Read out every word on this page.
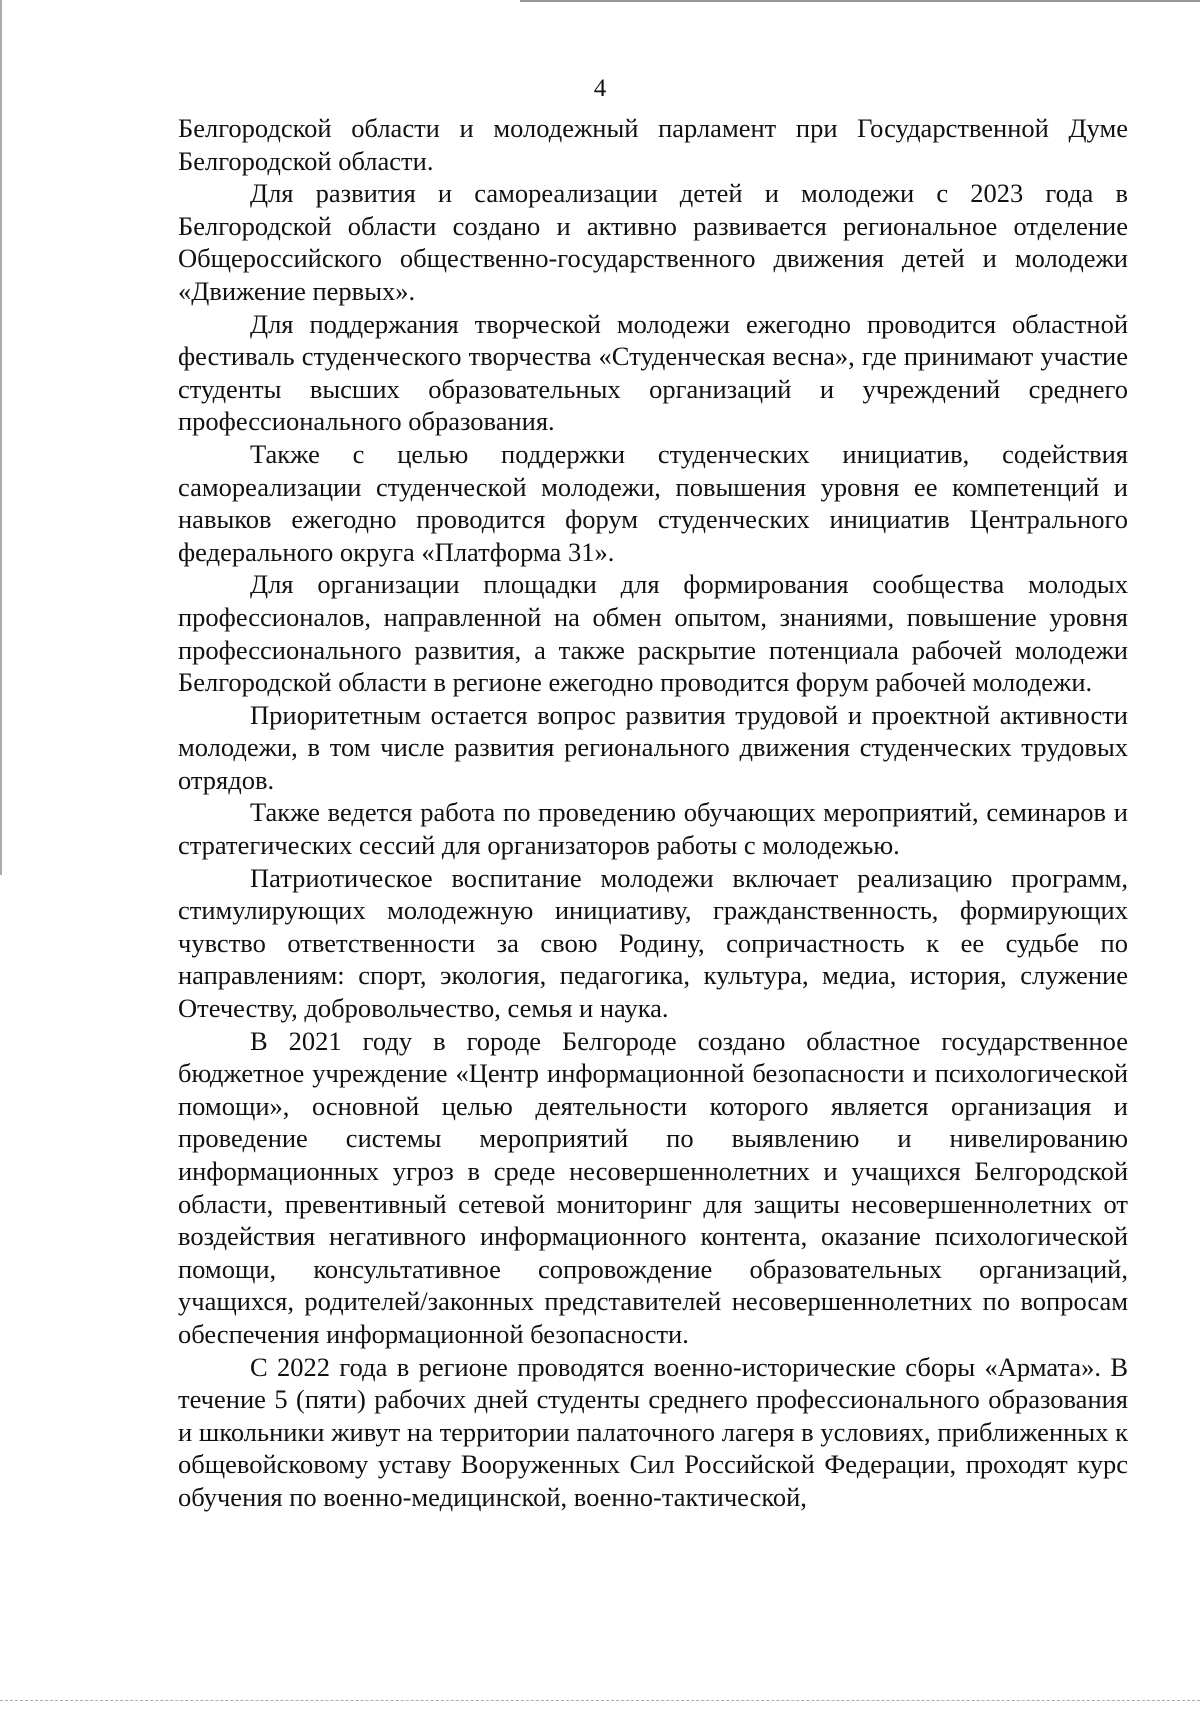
4

Белгородской области и молодежный парламент при Государственной Думе Белгородской области.

Для развития и самореализации детей и молодежи с 2023 года в Белгородской области создано и активно развивается региональное отделение Общероссийского общественно-государственного движения детей и молодежи «Движение первых».

Для поддержания творческой молодежи ежегодно проводится областной фестиваль студенческого творчества «Студенческая весна», где принимают участие студенты высших образовательных организаций и учреждений среднего профессионального образования.

Также с целью поддержки студенческих инициатив, содействия самореализации студенческой молодежи, повышения уровня ее компетенций и навыков ежегодно проводится форум студенческих инициатив Центрального федерального округа «Платформа 31».

Для организации площадки для формирования сообщества молодых профессионалов, направленной на обмен опытом, знаниями, повышение уровня профессионального развития, а также раскрытие потенциала рабочей молодежи Белгородской области в регионе ежегодно проводится форум рабочей молодежи.

Приоритетным остается вопрос развития трудовой и проектной активности молодежи, в том числе развития регионального движения студенческих трудовых отрядов.

Также ведется работа по проведению обучающих мероприятий, семинаров и стратегических сессий для организаторов работы с молодежью.

Патриотическое воспитание молодежи включает реализацию программ, стимулирующих молодежную инициативу, гражданственность, формирующих чувство ответственности за свою Родину, сопричастность к ее судьбе по направлениям: спорт, экология, педагогика, культура, медиа, история, служение Отечеству, добровольчество, семья и наука.

В 2021 году в городе Белгороде создано областное государственное бюджетное учреждение «Центр информационной безопасности и психологической помощи», основной целью деятельности которого является организация и проведение системы мероприятий по выявлению и нивелированию информационных угроз в среде несовершеннолетних и учащихся Белгородской области, превентивный сетевой мониторинг для защиты несовершеннолетних от воздействия негативного информационного контента, оказание психологической помощи, консультативное сопровождение образовательных организаций, учащихся, родителей/законных представителей несовершеннолетних по вопросам обеспечения информационной безопасности.

С 2022 года в регионе проводятся военно-исторические сборы «Армата». В течение 5 (пяти) рабочих дней студенты среднего профессионального образования и школьники живут на территории палаточного лагеря в условиях, приближенных к общевойсковому уставу Вооруженных Сил Российской Федерации, проходят курс обучения по военно-медицинской, военно-тактической,
